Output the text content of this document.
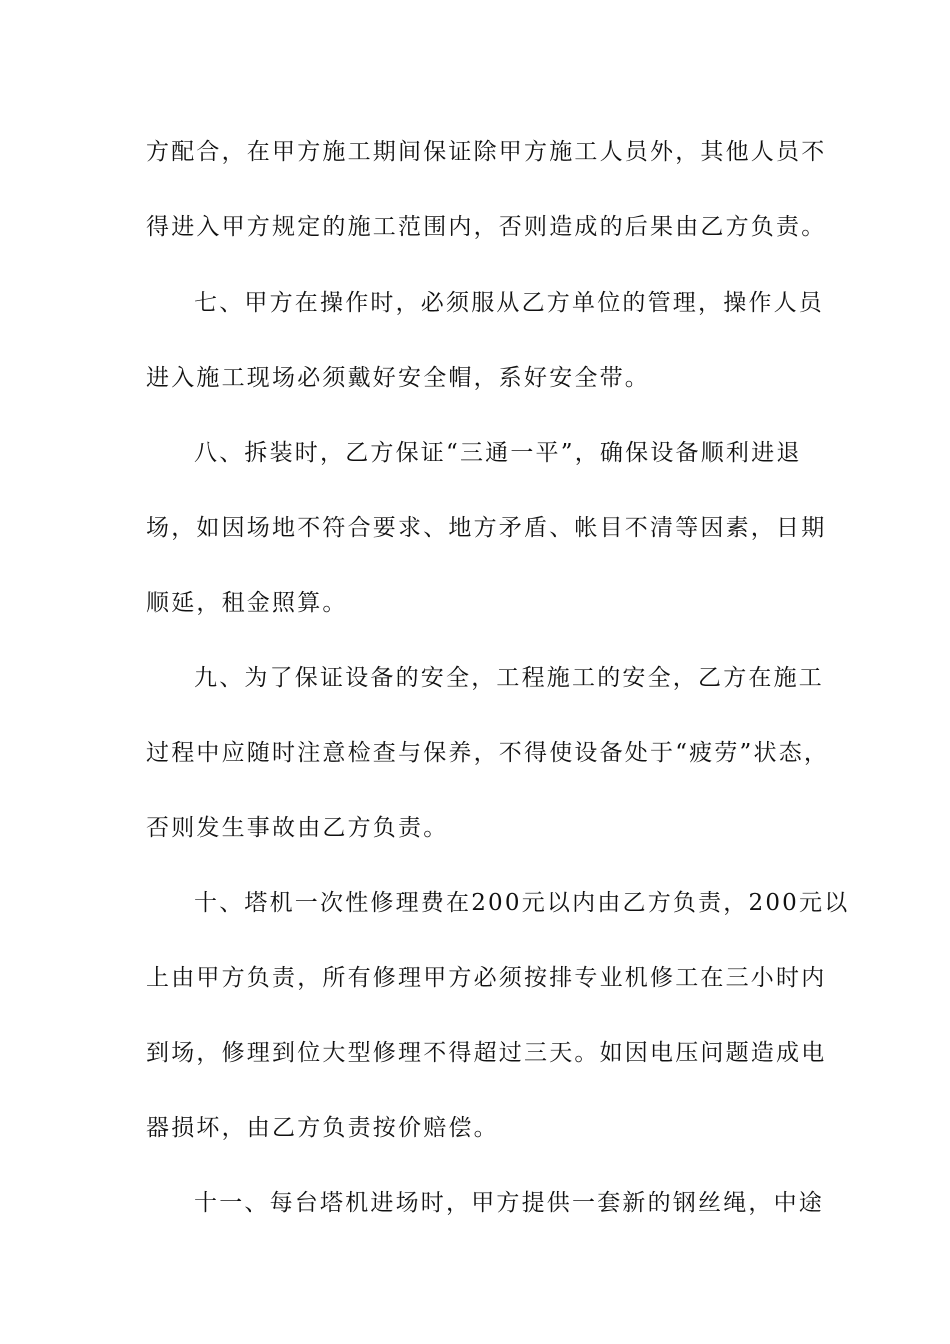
方配合，在甲方施工期间保证除甲方施工人员外，其他人员不
得进入甲方规定的施工范围内，否则造成的后果由乙方负责。
七、甲方在操作时，必须服从乙方单位的管理，操作人员
进入施工现场必须戴好安全帽，系好安全带。
八、拆装时，乙方保证“三通一平”，确保设备顺利进退
场，如因场地不符合要求、地方矛盾、帐目不清等因素，日期
顺延，租金照算。
九、为了保证设备的安全，工程施工的安全，乙方在施工
过程中应随时注意检查与保养，不得使设备处于“疲劳”状态，
否则发生事故由乙方负责。
十、塔机一次性修理费在200元以内由乙方负责，200元以
上由甲方负责，所有修理甲方必须按排专业机修工在三小时内
到场，修理到位大型修理不得超过三天。如因电压问题造成电
器损坏，由乙方负责按价赔偿。
十一、每台塔机进场时，甲方提供一套新的钢丝绳，中途
